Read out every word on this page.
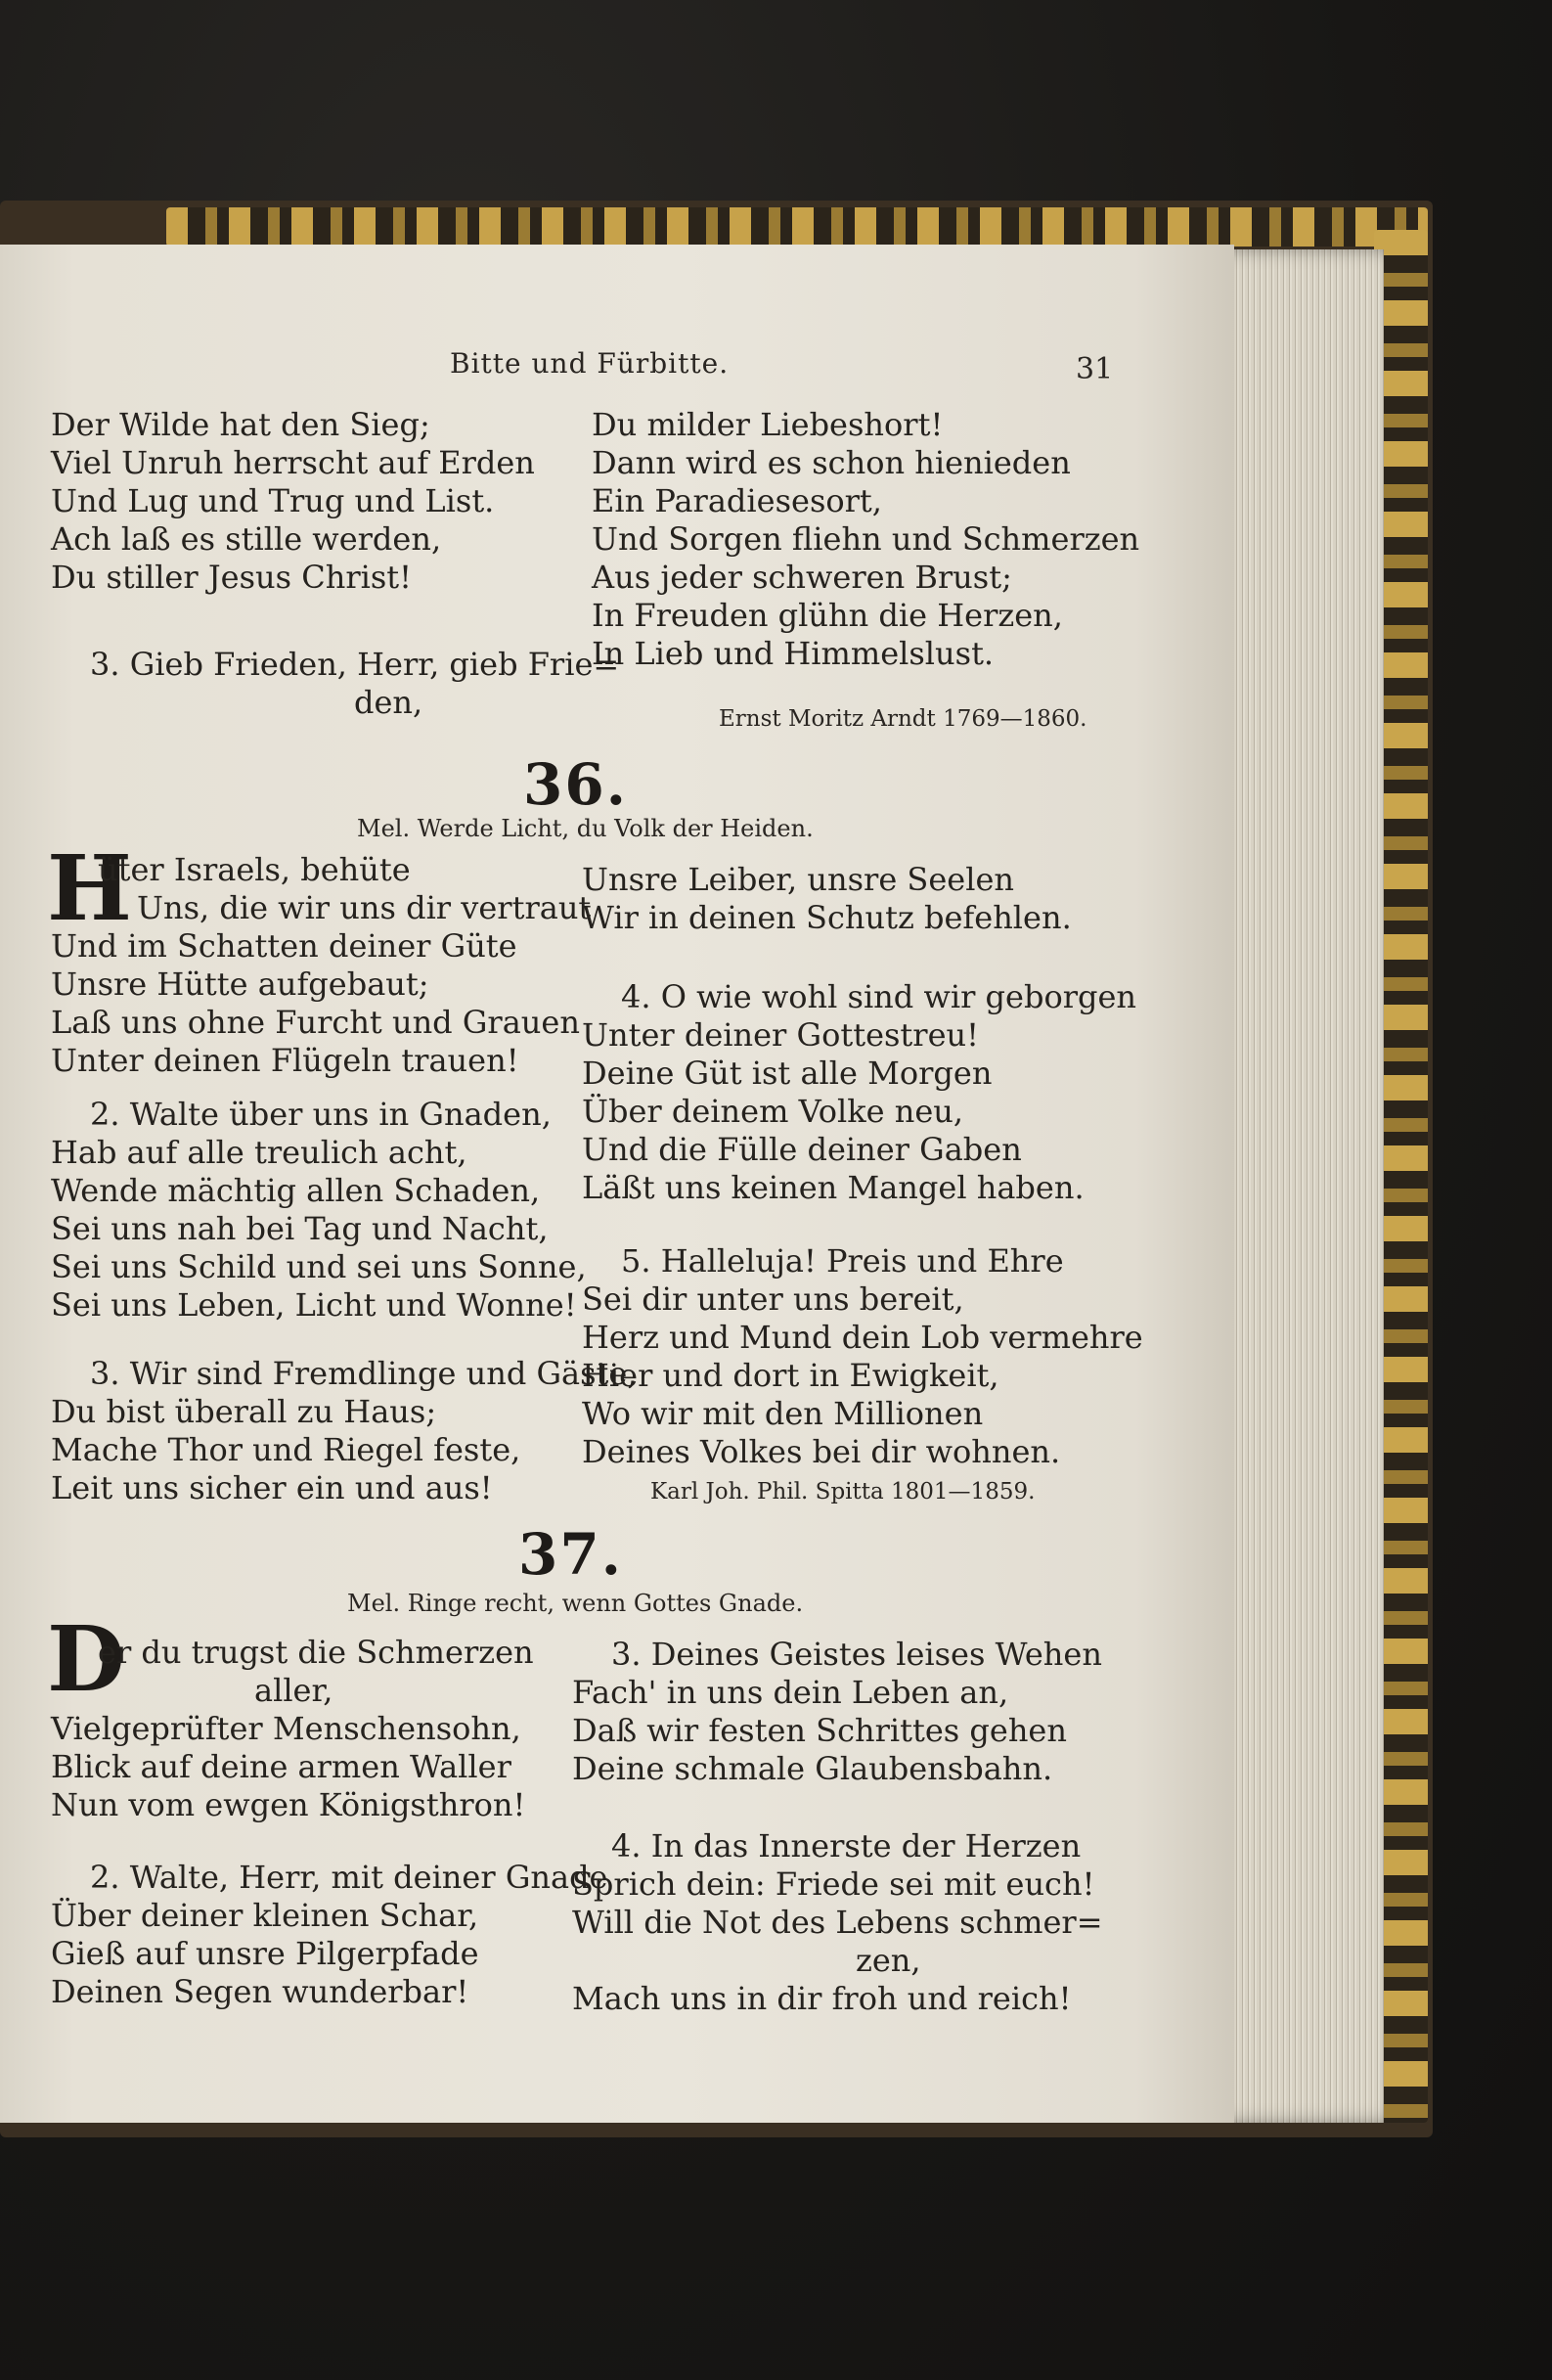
Bitte und Fürbitte.	31
Der Wilde hat den Sieg;
Viel Unruh herrscht auf Erden
Und Lug und Trug und List.
Ach laß es stille werden,
Du stiller Jesus Christ!
3. Gieb Frieden, Herr, gieb Frie=
den,
Du milder Liebeshort!
Dann wird es schon hienieden
Ein Paradiesesort,
Und Sorgen fliehn und Schmerzen
Aus jeder schweren Brust;
In Freuden glühn die Herzen,
In Lieb und Himmelslust.
Ernst Moritz Arndt 1769—1860.
36.
Mel. Werde Licht, du Volk der Heiden.
H
üter Israels, behüte
Uns, die wir uns dir vertraut
Und im Schatten deiner Güte
Unsre Hütte aufgebaut;
Laß uns ohne Furcht und Grauen
Unter deinen Flügeln trauen!
2. Walte über uns in Gnaden,
Hab auf alle treulich acht,
Wende mächtig allen Schaden,
Sei uns nah bei Tag und Nacht,
Sei uns Schild und sei uns Sonne,
Sei uns Leben, Licht und Wonne!
3. Wir sind Fremdlinge und Gäste,
Du bist überall zu Haus;
Mache Thor und Riegel feste,
Leit uns sicher ein und aus!
Unsre Leiber, unsre Seelen
Wir in deinen Schutz befehlen.
4. O wie wohl sind wir geborgen
Unter deiner Gottestreu!
Deine Güt ist alle Morgen
Über deinem Volke neu,
Und die Fülle deiner Gaben
Läßt uns keinen Mangel haben.
5. Halleluja! Preis und Ehre
Sei dir unter uns bereit,
Herz und Mund dein Lob vermehre
Hier und dort in Ewigkeit,
Wo wir mit den Millionen
Deines Volkes bei dir wohnen.
Karl Joh. Phil. Spitta 1801—1859.
37.
Mel. Ringe recht, wenn Gottes Gnade.
D
er du trugst die Schmerzen
aller,
Vielgeprüfter Menschensohn,
Blick auf deine armen Waller
Nun vom ewgen Königsthron!
2. Walte, Herr, mit deiner Gnade
Über deiner kleinen Schar,
Gieß auf unsre Pilgerpfade
Deinen Segen wunderbar!
3. Deines Geistes leises Wehen
Fach' in uns dein Leben an,
Daß wir festen Schrittes gehen
Deine schmale Glaubensbahn.
4. In das Innerste der Herzen
Sprich dein: Friede sei mit euch!
Will die Not des Lebens schmer=
zen,
Mach uns in dir froh und reich!
